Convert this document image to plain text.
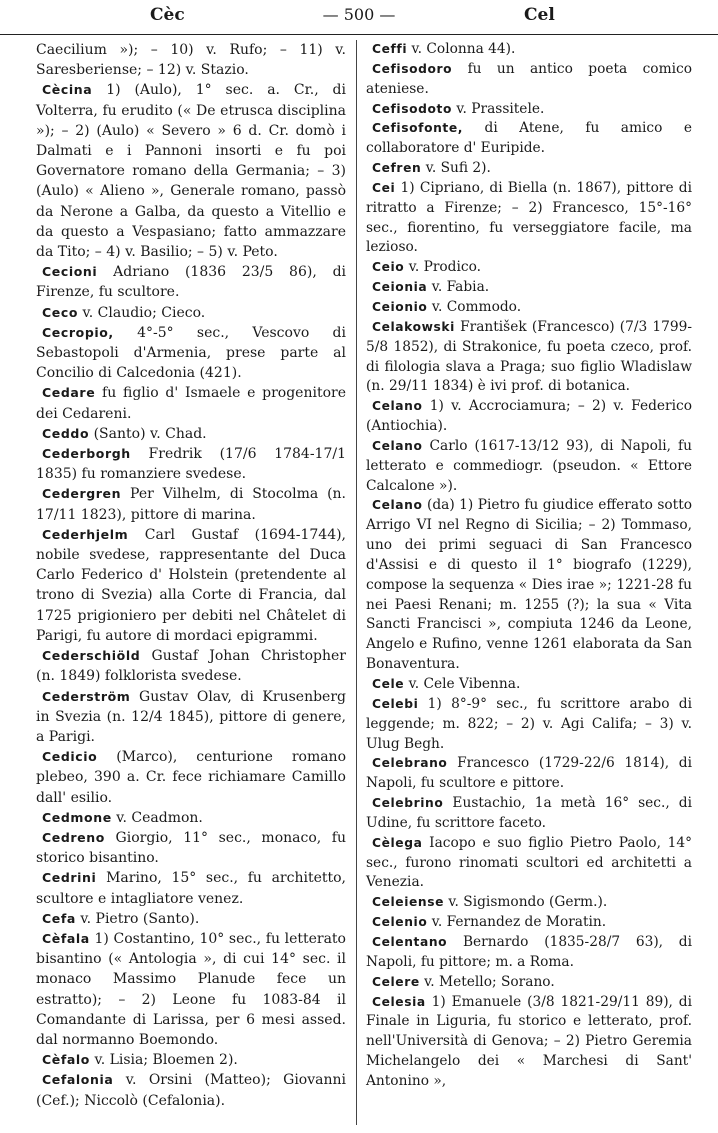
— 500 —
Cèc	Cel

Caecilium »); – 10) v. Rufo; – 11) v. Saresberiense; – 12) v. Stazio.

Cècina 1) (Aulo), 1° sec. a. Cr., di Volterra, fu erudito (« De etrusca disciplina »); – 2) (Aulo) « Severo » 6 d. Cr. domò i Dalmati e i Pannoni insorti e fu poi Governatore romano della Germania; – 3) (Aulo) « Alieno », Generale romano, passò da Nerone a Galba, da questo a Vitellio e da questo a Vespasiano; fatto ammazzare da Tito; – 4) v. Basilio; – 5) v. Peto.

Cecioni Adriano (1836 23/5 86), di Firenze, fu scultore.

Ceco v. Claudio; Cieco.

Cecropio, 4°-5° sec., Vescovo di Sebastopoli d'Armenia, prese parte al Concilio di Calcedonia (421).

Cedare fu figlio d' Ismaele e progenitore dei Cedareni.

Ceddo (Santo) v. Chad.

Cederborgh Fredrik (17/6 1784-17/1 1835) fu romanziere svedese.

Cedergren Per Vilhelm, di Stocolma (n. 17/11 1823), pittore di marina.

Cederhjelm Carl Gustaf (1694-1744), nobile svedese, rappresentante del Duca Carlo Federico d' Holstein (pretendente al trono di Svezia) alla Corte di Francia, dal 1725 prigioniero per debiti nel Châtelet di Parigi, fu autore di mordaci epigrammi.

Cederschiöld Gustaf Johan Christopher (n. 1849) folklorista svedese.

Cederström Gustav Olav, di Krusenberg in Svezia (n. 12/4 1845), pittore di genere, a Parigi.

Cedicio (Marco), centurione romano plebeo, 390 a. Cr. fece richiamare Camillo dall' esilio.

Cedmone v. Ceadmon.

Cedreno Giorgio, 11° sec., monaco, fu storico bisantino.

Cedrini Marino, 15° sec., fu architetto, scultore e intagliatore venez.

Cefa v. Pietro (Santo).

Cèfala 1) Costantino, 10° sec., fu letterato bisantino (« Antologia », di cui 14° sec. il monaco Massimo Planude fece un estratto); – 2) Leone fu 1083-84 il Comandante di Larissa, per 6 mesi assed. dal normanno Boemondo.

Cèfalo v. Lisia; Bloemen 2).

Cefalonia v. Orsini (Matteo); Giovanni (Cef.); Niccolò (Cefalonia).

Ceffi v. Colonna 44).

Cefisodoro fu un antico poeta comico ateniese.

Cefisodoto v. Prassitele.

Cefisofonte, di Atene, fu amico e collaboratore d' Euripide.

Cefren v. Sufi 2).

Cei 1) Cipriano, di Biella (n. 1867), pittore di ritratto a Firenze; – 2) Francesco, 15°-16° sec., fiorentino, fu verseggiatore facile, ma lezioso.

Ceio v. Prodico.

Ceionia v. Fabia.

Ceionio v. Commodo.

Celakowski František (Francesco) (7/3 1799-5/8 1852), di Strakonice, fu poeta czeco, prof. di filologia slava a Praga; suo figlio Wladislaw (n. 29/11 1834) è ivi prof. di botanica.

Celano 1) v. Accrociamura; – 2) v. Federico (Antiochia).

Celano Carlo (1617-13/12 93), di Napoli, fu letterato e commediogr. (pseudon. « Ettore Calcalone »).

Celano (da) 1) Pietro fu giudice efferato sotto Arrigo VI nel Regno di Sicilia; – 2) Tommaso, uno dei primi seguaci di San Francesco d'Assisi e di questo il 1° biografo (1229), compose la sequenza « Dies irae »; 1221-28 fu nei Paesi Renani; m. 1255 (?); la sua « Vita Sancti Francisci », compiuta 1246 da Leone, Angelo e Rufino, venne 1261 elaborata da San Bonaventura.

Cele v. Cele Vibenna.

Celebi 1) 8°-9° sec., fu scrittore arabo di leggende; m. 822; – 2) v. Agi Califa; – 3) v. Ulug Begh.

Celebrano Francesco (1729-22/6 1814), di Napoli, fu scultore e pittore.

Celebrino Eustachio, 1a metà 16° sec., di Udine, fu scrittore faceto.

Cèlega Iacopo e suo figlio Pietro Paolo, 14° sec., furono rinomati scultori ed architetti a Venezia.

Celeiense v. Sigismondo (Germ.).

Celenio v. Fernandez de Moratin.

Celentano Bernardo (1835-28/7 63), di Napoli, fu pittore; m. a Roma.

Celere v. Metello; Sorano.

Celesia 1) Emanuele (3/8 1821-29/11 89), di Finale in Liguria, fu storico e letterato, prof. nell'Università di Genova; – 2) Pietro Geremia Michelangelo dei « Marchesi di Sant' Antonino »,
